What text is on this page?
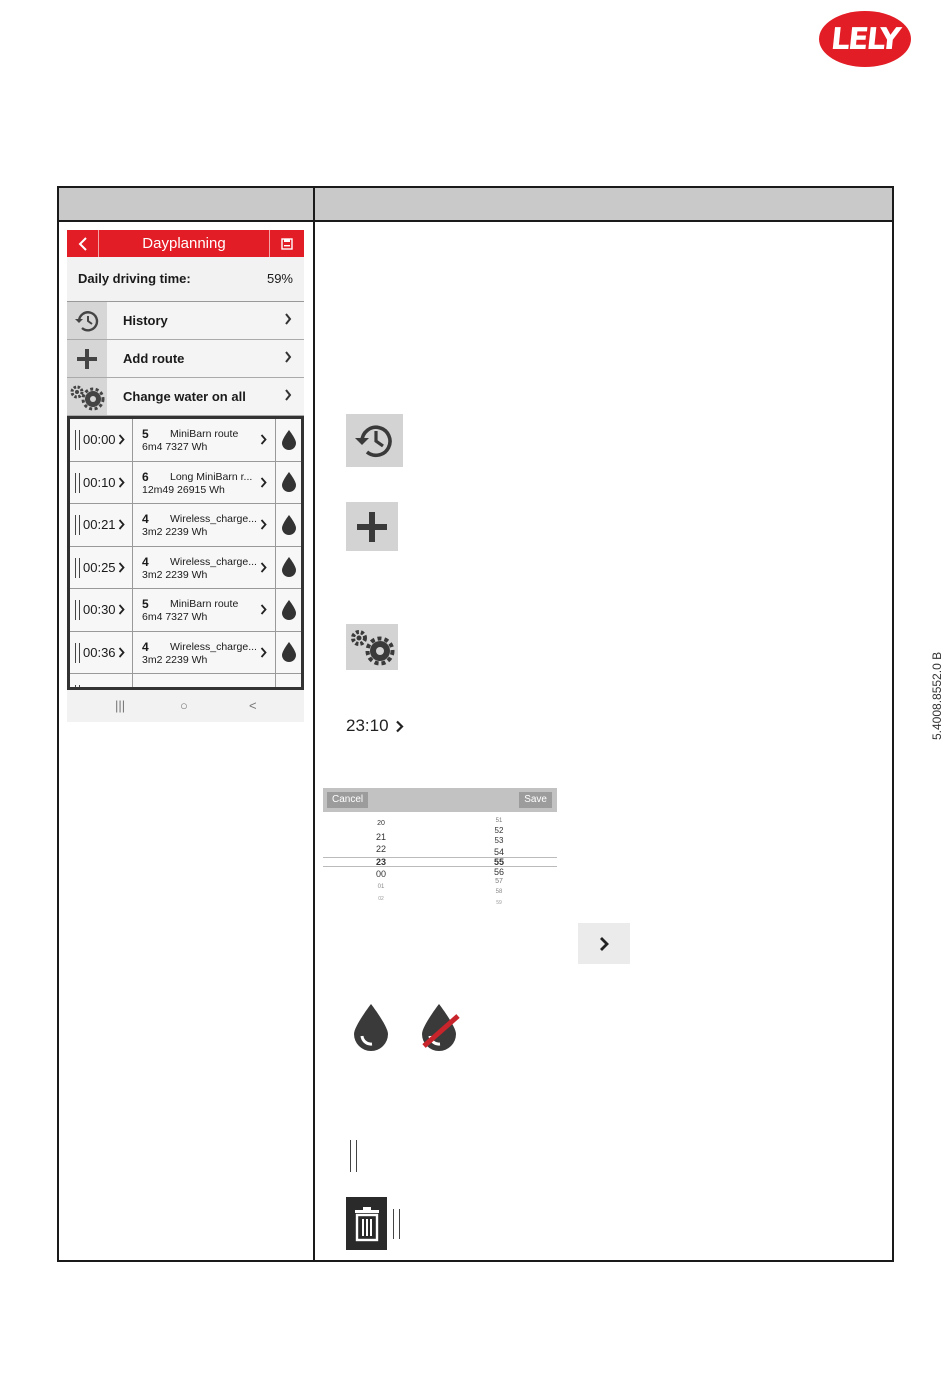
LELY
5.4008.8552.0 B
Dayplanning
Daily driving time:	59%
History
Add route
Change water on all
00:00 5 MiniBarn route
6m4 7327 Wh
00:10 6 Long MiniBarn r...
12m49 26915 Wh
00:21 4 Wireless_charge...
3m2 2239 Wh
00:25 4 Wireless_charge...
3m2 2239 Wh
00:30 5 MiniBarn route
6m4 7327 Wh
00:36 4 Wireless_charge...
3m2 2239 Wh
|||	○	<
23:10
Cancel	Save
20
21
22
23
00
01
02
51
52
53
54
55
56
57
58
59
